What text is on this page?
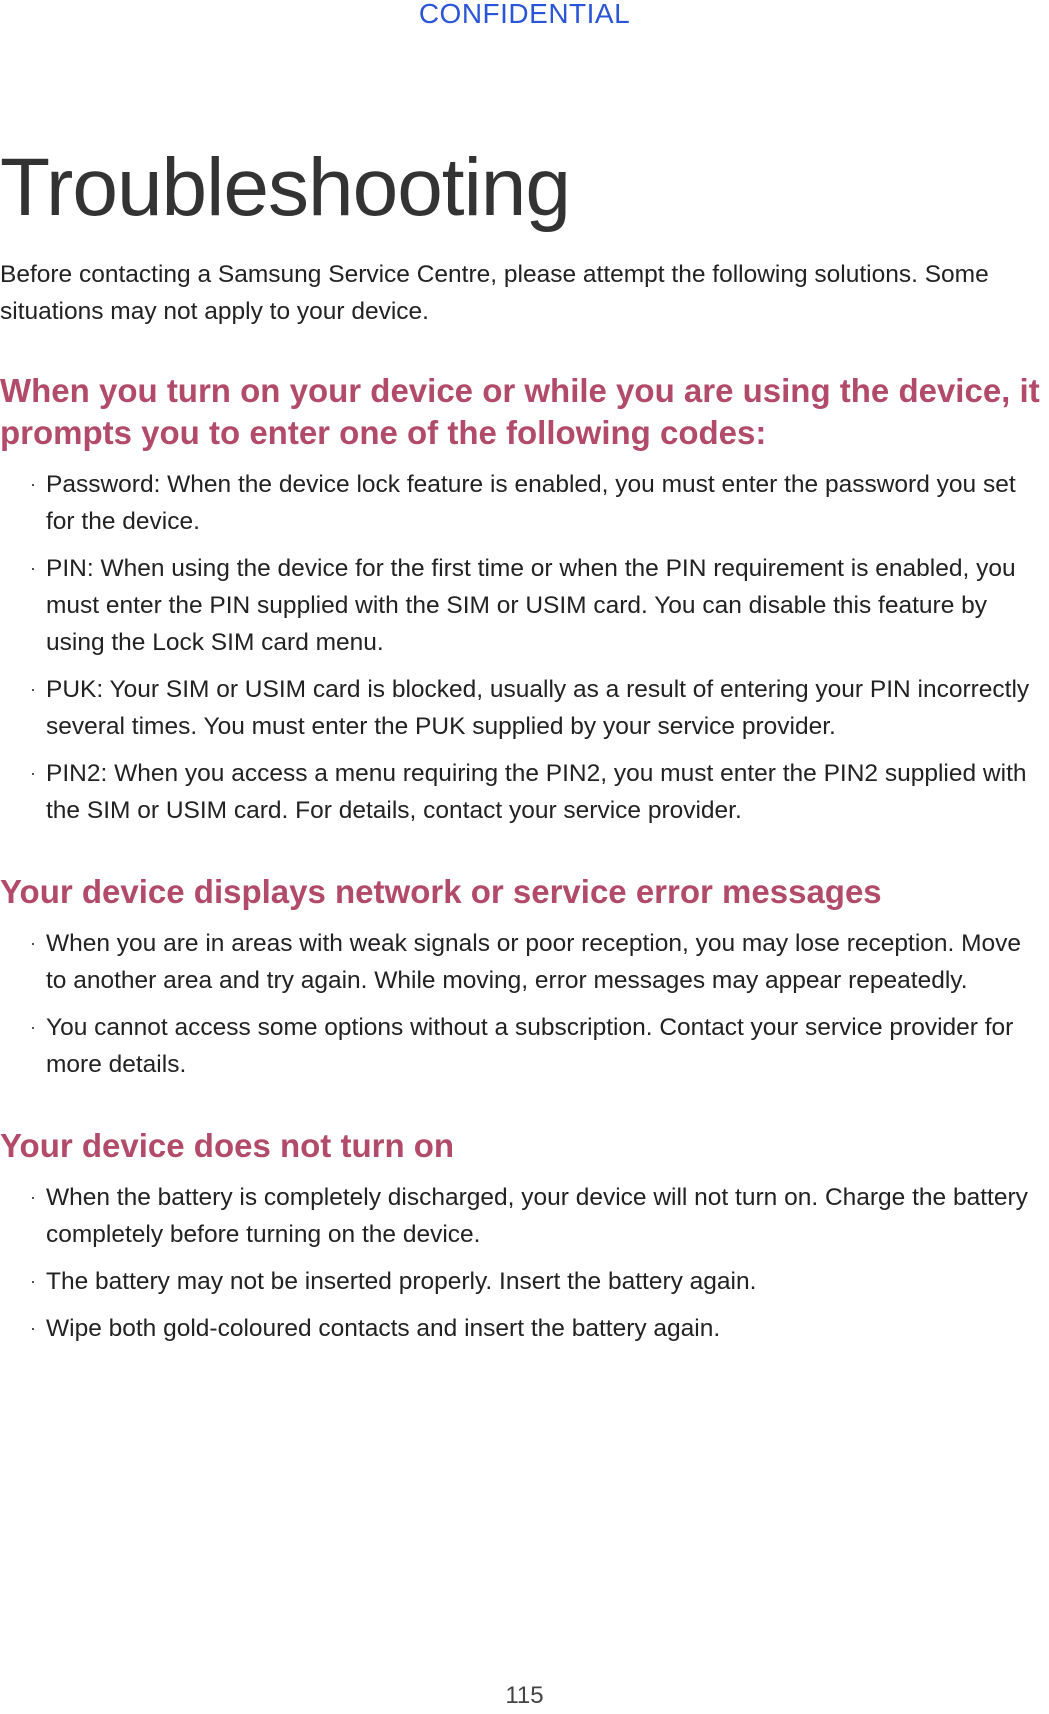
CONFIDENTIAL
Troubleshooting

Before contacting a Samsung Service Centre, please attempt the following solutions. Some situations may not apply to your device.

When you turn on your device or while you are using the device, it prompts you to enter one of the following codes:
· Password: When the device lock feature is enabled, you must enter the password you set for the device.
· PIN: When using the device for the first time or when the PIN requirement is enabled, you must enter the PIN supplied with the SIM or USIM card. You can disable this feature by using the Lock SIM card menu.
· PUK: Your SIM or USIM card is blocked, usually as a result of entering your PIN incorrectly several times. You must enter the PUK supplied by your service provider.
· PIN2: When you access a menu requiring the PIN2, you must enter the PIN2 supplied with the SIM or USIM card. For details, contact your service provider.
Your device displays network or service error messages
· When you are in areas with weak signals or poor reception, you may lose reception. Move to another area and try again. While moving, error messages may appear repeatedly.
· You cannot access some options without a subscription. Contact your service provider for more details.
Your device does not turn on
· When the battery is completely discharged, your device will not turn on. Charge the battery completely before turning on the device.
· The battery may not be inserted properly. Insert the battery again.
· Wipe both gold-coloured contacts and insert the battery again.
115
